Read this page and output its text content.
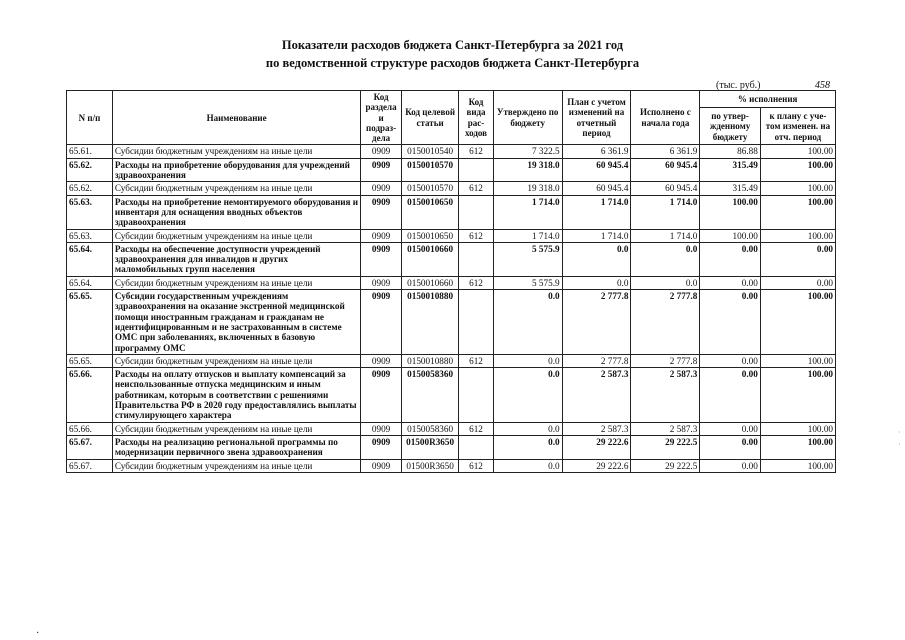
Показатели расходов бюджета Санкт-Петербурга за 2021 год
по ведомственной структуре расходов бюджета Санкт-Петербурга
(тыс. руб.)	458
N п/п	Наименование	Код раздела и подраз-дела	Код целевой статьи	Код вида рас-ходов	Утверждено по бюджету	План с учетом изменений на отчетный период	Исполнено с начала года	% исполнения	
								по утвер-жденному бюджету	к плану с уче-том изменен. на отч. период
65.61.	Субсидии бюджетным учреждениям на иные цели	0909	0150010540	612	7 322.5	6 361.9	6 361.9	86.88	100.00
65.62.	Расходы на приобретение оборудования для учреждений здравоохранения	0909	0150010570		19 318.0	60 945.4	60 945.4	315.49	100.00
65.62.	Субсидии бюджетным учреждениям на иные цели	0909	0150010570	612	19 318.0	60 945.4	60 945.4	315.49	100.00
65.63.	Расходы на приобретение немонтируемого оборудования и инвентаря для оснащения вводных объектов здравоохранения	0909	0150010650		1 714.0	1 714.0	1 714.0	100.00	100.00
65.63.	Субсидии бюджетным учреждениям на иные цели	0909	0150010650	612	1 714.0	1 714.0	1 714.0	100.00	100.00
65.64.	Расходы на обеспечение доступности учреждений здравоохранения для инвалидов и других маломобильных групп населения	0909	0150010660		5 575.9	0.0	0.0	0.00	0.00
65.64.	Субсидии бюджетным учреждениям на иные цели	0909	0150010660	612	5 575.9	0.0	0.0	0.00	0.00
65.65.	Субсидии государственным учреждениям здравоохранения на оказание экстренной медицинской помощи иностранным гражданам и гражданам не идентифицированным и не застрахованным в системе ОМС при заболеваниях, включенных в базовую программу ОМС	0909	0150010880		0.0	2 777.8	2 777.8	0.00	100.00
65.65.	Субсидии бюджетным учреждениям на иные цели	0909	0150010880	612	0.0	2 777.8	2 777.8	0.00	100.00
65.66.	Расходы на оплату отпусков и выплату компенсаций за неиспользованные отпуска медицинским и иным работникам, которым в соответствии с решениями Правительства РФ в 2020 году предоставлялись выплаты стимулирующего характера	0909	0150058360		0.0	2 587.3	2 587.3	0.00	100.00
65.66.	Субсидии бюджетным учреждениям на иные цели	0909	0150058360	612	0.0	2 587.3	2 587.3	0.00	100.00
65.67.	Расходы на реализацию региональной программы по модернизации первичного звена здравоохранения	0909	01500R3650		0.0	29 222.6	29 222.5	0.00	100.00
65.67.	Субсидии бюджетным учреждениям на иные цели	0909	01500R3650	612	0.0	29 222.6	29 222.5	0.00	100.00
·
·
·
